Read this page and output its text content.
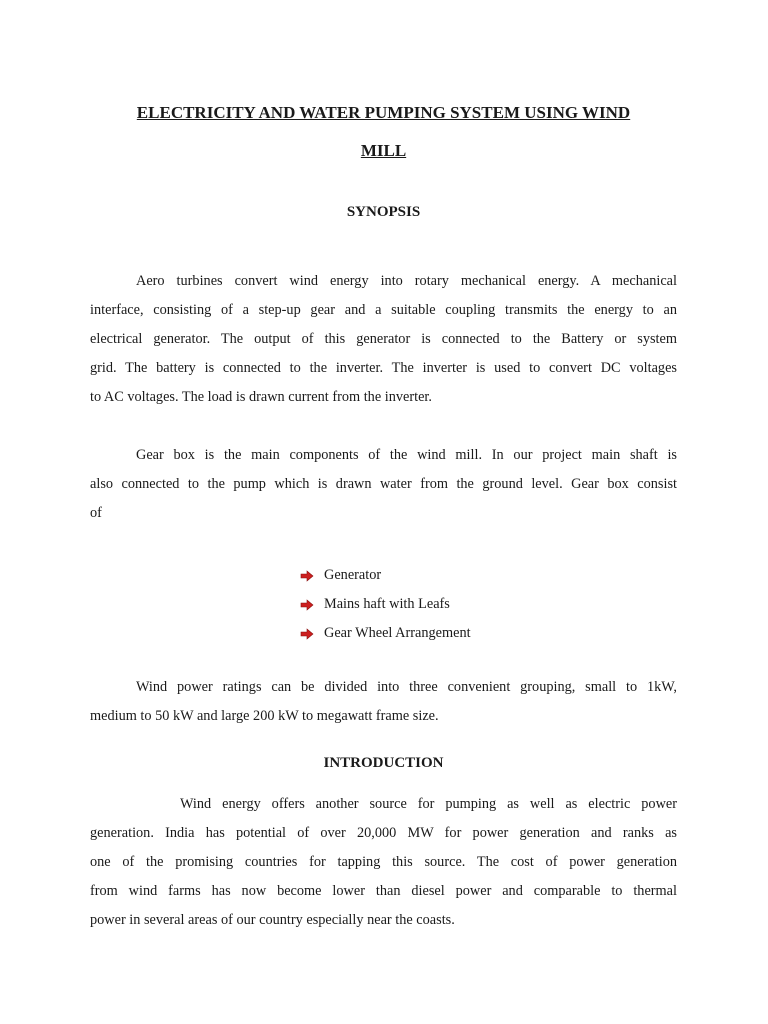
ELECTRICITY AND WATER PUMPING SYSTEM USING WIND
MILL
SYNOPSIS

Aero turbines convert wind energy into rotary mechanical energy. A mechanical
interface, consisting of a step-up gear and a suitable coupling transmits the energy to an
electrical generator. The output of this generator is connected to the Battery or system
grid. The battery is connected to the inverter. The inverter is used to convert DC voltages
to AC voltages. The load is drawn current from the inverter.

Gear box is the main components of the wind mill. In our project main shaft is
also connected to the pump which is drawn water from the ground level. Gear box consist
of

Generator
Mains haft with Leafs
Gear Wheel Arrangement

Wind power ratings can be divided into three convenient grouping, small to 1kW,
medium to 50 kW and large 200 kW to megawatt frame size.

INTRODUCTION

Wind energy offers another source for pumping as well as electric power
generation. India has potential of over 20,000 MW for power generation and ranks as
one of the promising countries for tapping this source. The cost of power generation
from wind farms has now become lower than diesel power and comparable to thermal
power in several areas of our country especially near the coasts.
